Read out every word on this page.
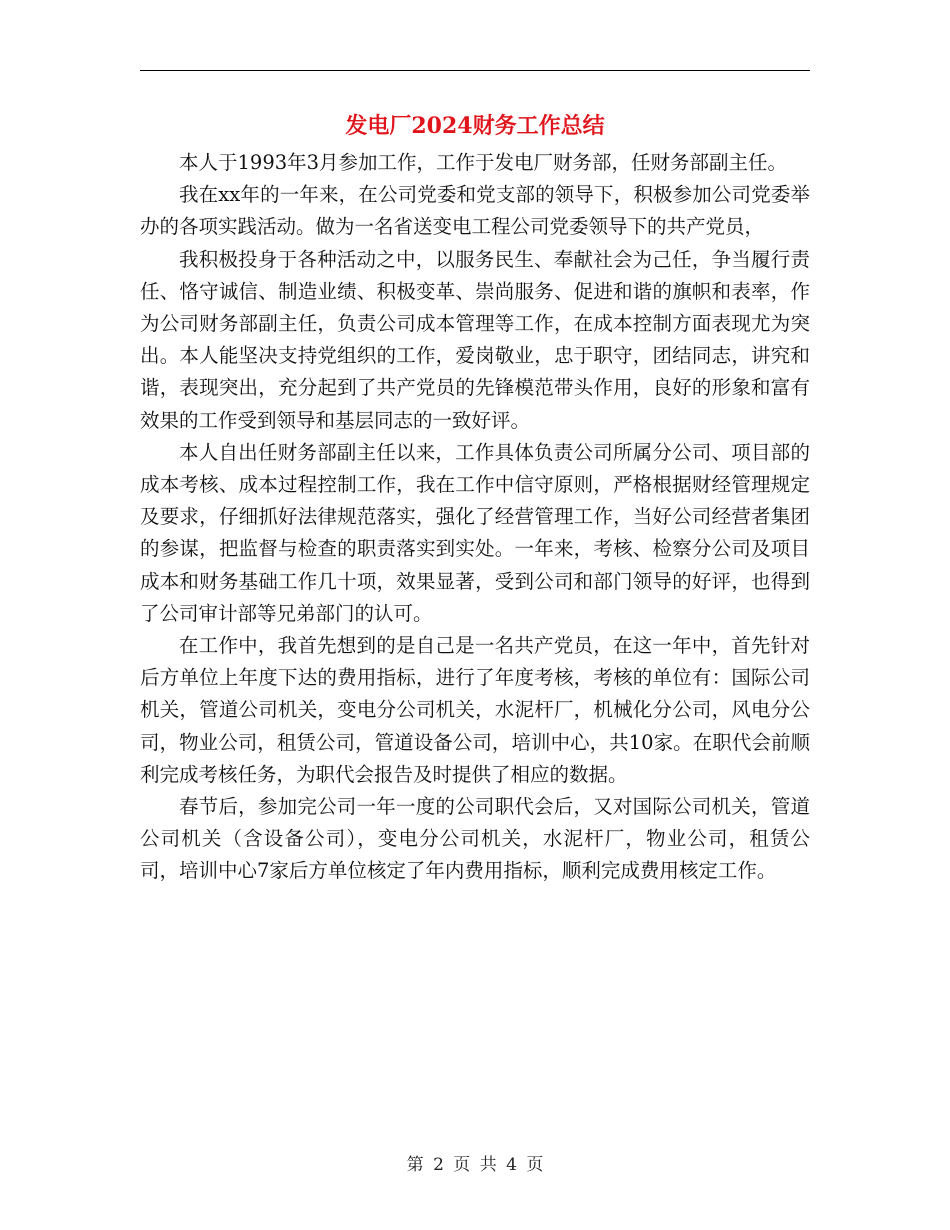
发电厂2024财务工作总结

本人于1993年3月参加工作，工作于发电厂财务部，任财务部副主任。

我在xx年的一年来，在公司党委和党支部的领导下，积极参加公司党委举办的各项实践活动。做为一名省送变电工程公司党委领导下的共产党员，

我积极投身于各种活动之中，以服务民生、奉献社会为己任，争当履行责任、恪守诚信、制造业绩、积极变革、崇尚服务、促进和谐的旗帜和表率，作为公司财务部副主任，负责公司成本管理等工作，在成本控制方面表现尤为突出。本人能坚决支持党组织的工作，爱岗敬业，忠于职守，团结同志，讲究和谐，表现突出，充分起到了共产党员的先锋模范带头作用，良好的形象和富有效果的工作受到领导和基层同志的一致好评。

本人自出任财务部副主任以来，工作具体负责公司所属分公司、项目部的成本考核、成本过程控制工作，我在工作中信守原则，严格根据财经管理规定及要求，仔细抓好法律规范落实，强化了经营管理工作，当好公司经营者集团的参谋，把监督与检查的职责落实到实处。一年来，考核、检察分公司及项目成本和财务基础工作几十项，效果显著，受到公司和部门领导的好评，也得到了公司审计部等兄弟部门的认可。

在工作中，我首先想到的是自己是一名共产党员，在这一年中，首先针对后方单位上年度下达的费用指标，进行了年度考核，考核的单位有：国际公司机关，管道公司机关，变电分公司机关，水泥杆厂，机械化分公司，风电分公司，物业公司，租赁公司，管道设备公司，培训中心，共10家。在职代会前顺利完成考核任务，为职代会报告及时提供了相应的数据。

春节后，参加完公司一年一度的公司职代会后，又对国际公司机关，管道公司机关（含设备公司），变电分公司机关，水泥杆厂，物业公司，租赁公司，培训中心7家后方单位核定了年内费用指标，顺利完成费用核定工作。

第 2 页 共 4 页
